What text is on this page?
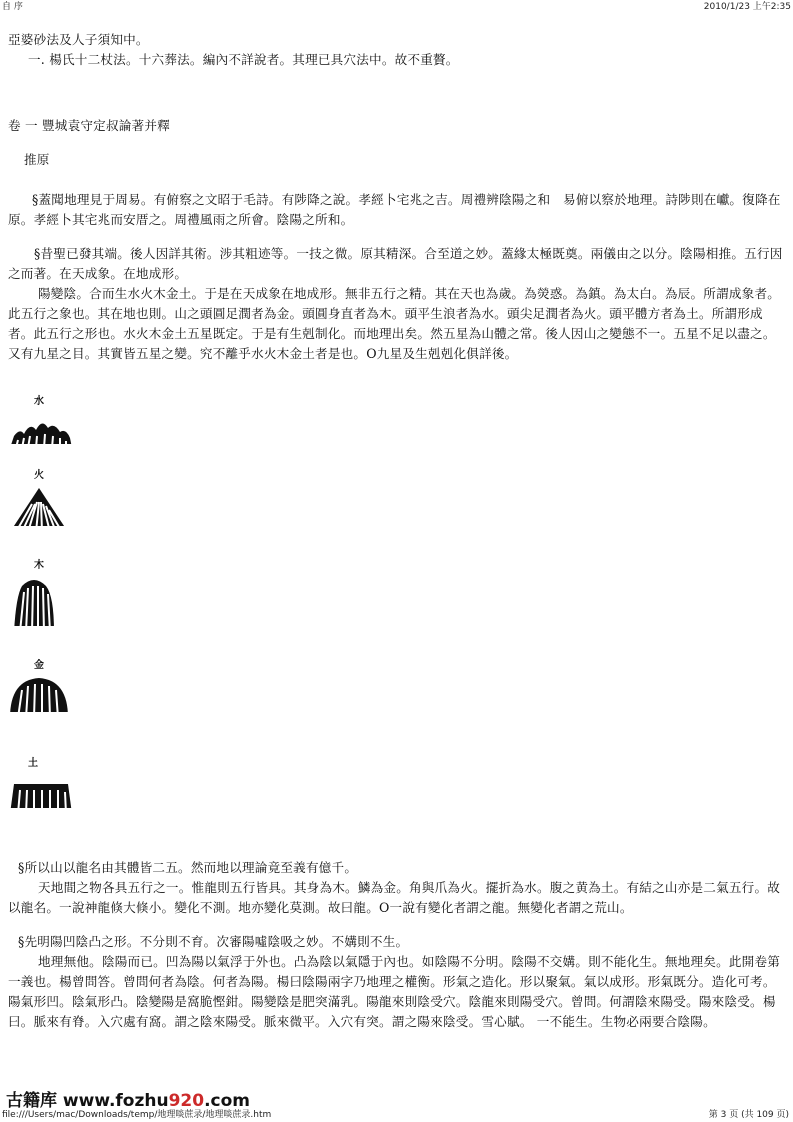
自 序	2010/1/23 上午2:35

亞婆砂法及人子須知中。

一. 楊氏十二杖法。十六葬法。編內不詳說者。其理已具穴法中。故不重贅。

卷 一 豐城袁守定叔論著并釋

推原

§蓋聞地理見于周易。有俯察之文昭于毛詩。有陟降之說。孝經卜宅兆之吉。周禮辨陰陽之和　易俯以察於地理。詩陟則在巘。復降在原。孝經卜其宅兆而安厝之。周禮風雨之所會。陰陽之所和。

§昔聖已發其端。後人因詳其術。涉其粗迹等。一技之微。原其精深。合至道之妙。蓋緣太極既奠。兩儀由之以分。陰陽相推。五行因之而著。在天成象。在地成形。

陽變陰。合而生水火木金土。于是在天成象在地成形。無非五行之精。其在天也為歲。為熒惑。為鎮。為太白。為辰。所謂成象者。此五行之象也。其在地也則。山之頭圓足潤者為金。頭圓身直者為木。頭平生浪者為水。頭尖足潤者為火。頭平體方者為土。所謂形成者。此五行之形也。水火木金土五星既定。于是有生剋制化。而地理出矣。然五星為山體之常。後人因山之變態不一。五星不足以盡之。又有九星之目。其實皆五星之變。究不離乎水火木金土者是也。O九星及生剋剋化俱詳後。

水
火
木
金
土

§所以山以龍名由其體皆二五。然而地以理論竟至義有億千。

天地間之物各具五行之一。惟龍則五行皆具。其身為木。鱗為金。角與爪為火。擺折為水。腹之黄為土。有結之山亦是二氣五行。故以龍名。一說神龍倏大倏小。變化不測。地亦變化莫測。故曰龍。O一說有變化者謂之龍。無變化者謂之荒山。

§先明陽凹陰凸之形。不分則不育。次審陽噓陰吸之妙。不媾則不生。

地理無他。陰陽而已。凹為陽以氣浮于外也。凸為陰以氣隱于內也。如陰陽不分明。陰陽不交媾。則不能化生。無地理矣。此開卷第一義也。楊曾問答。曾問何者為陰。何者為陽。楊曰陰陽兩字乃地理之權衡。形氣之造化。形以聚氣。氣以成形。形氣既分。造化可考。陽氣形凹。陰氣形凸。陰變陽是窩脆慳鉗。陽變陰是肥突滿乳。陽龍來則陰受穴。陰龍來則陽受穴。曾問。何謂陰來陽受。陽來陰受。楊曰。脈來有脊。入穴處有窩。謂之陰來陽受。脈來微平。入穴有突。謂之陽來陰受。雪心賦。 一不能生。生物必兩要合陰陽。

古籍库 www.fozhu920.com
file:///Users/mac/Downloads/temp/地理啖蔗录/地理啖蔗录.htm	第 3 页 (共 109 页)
